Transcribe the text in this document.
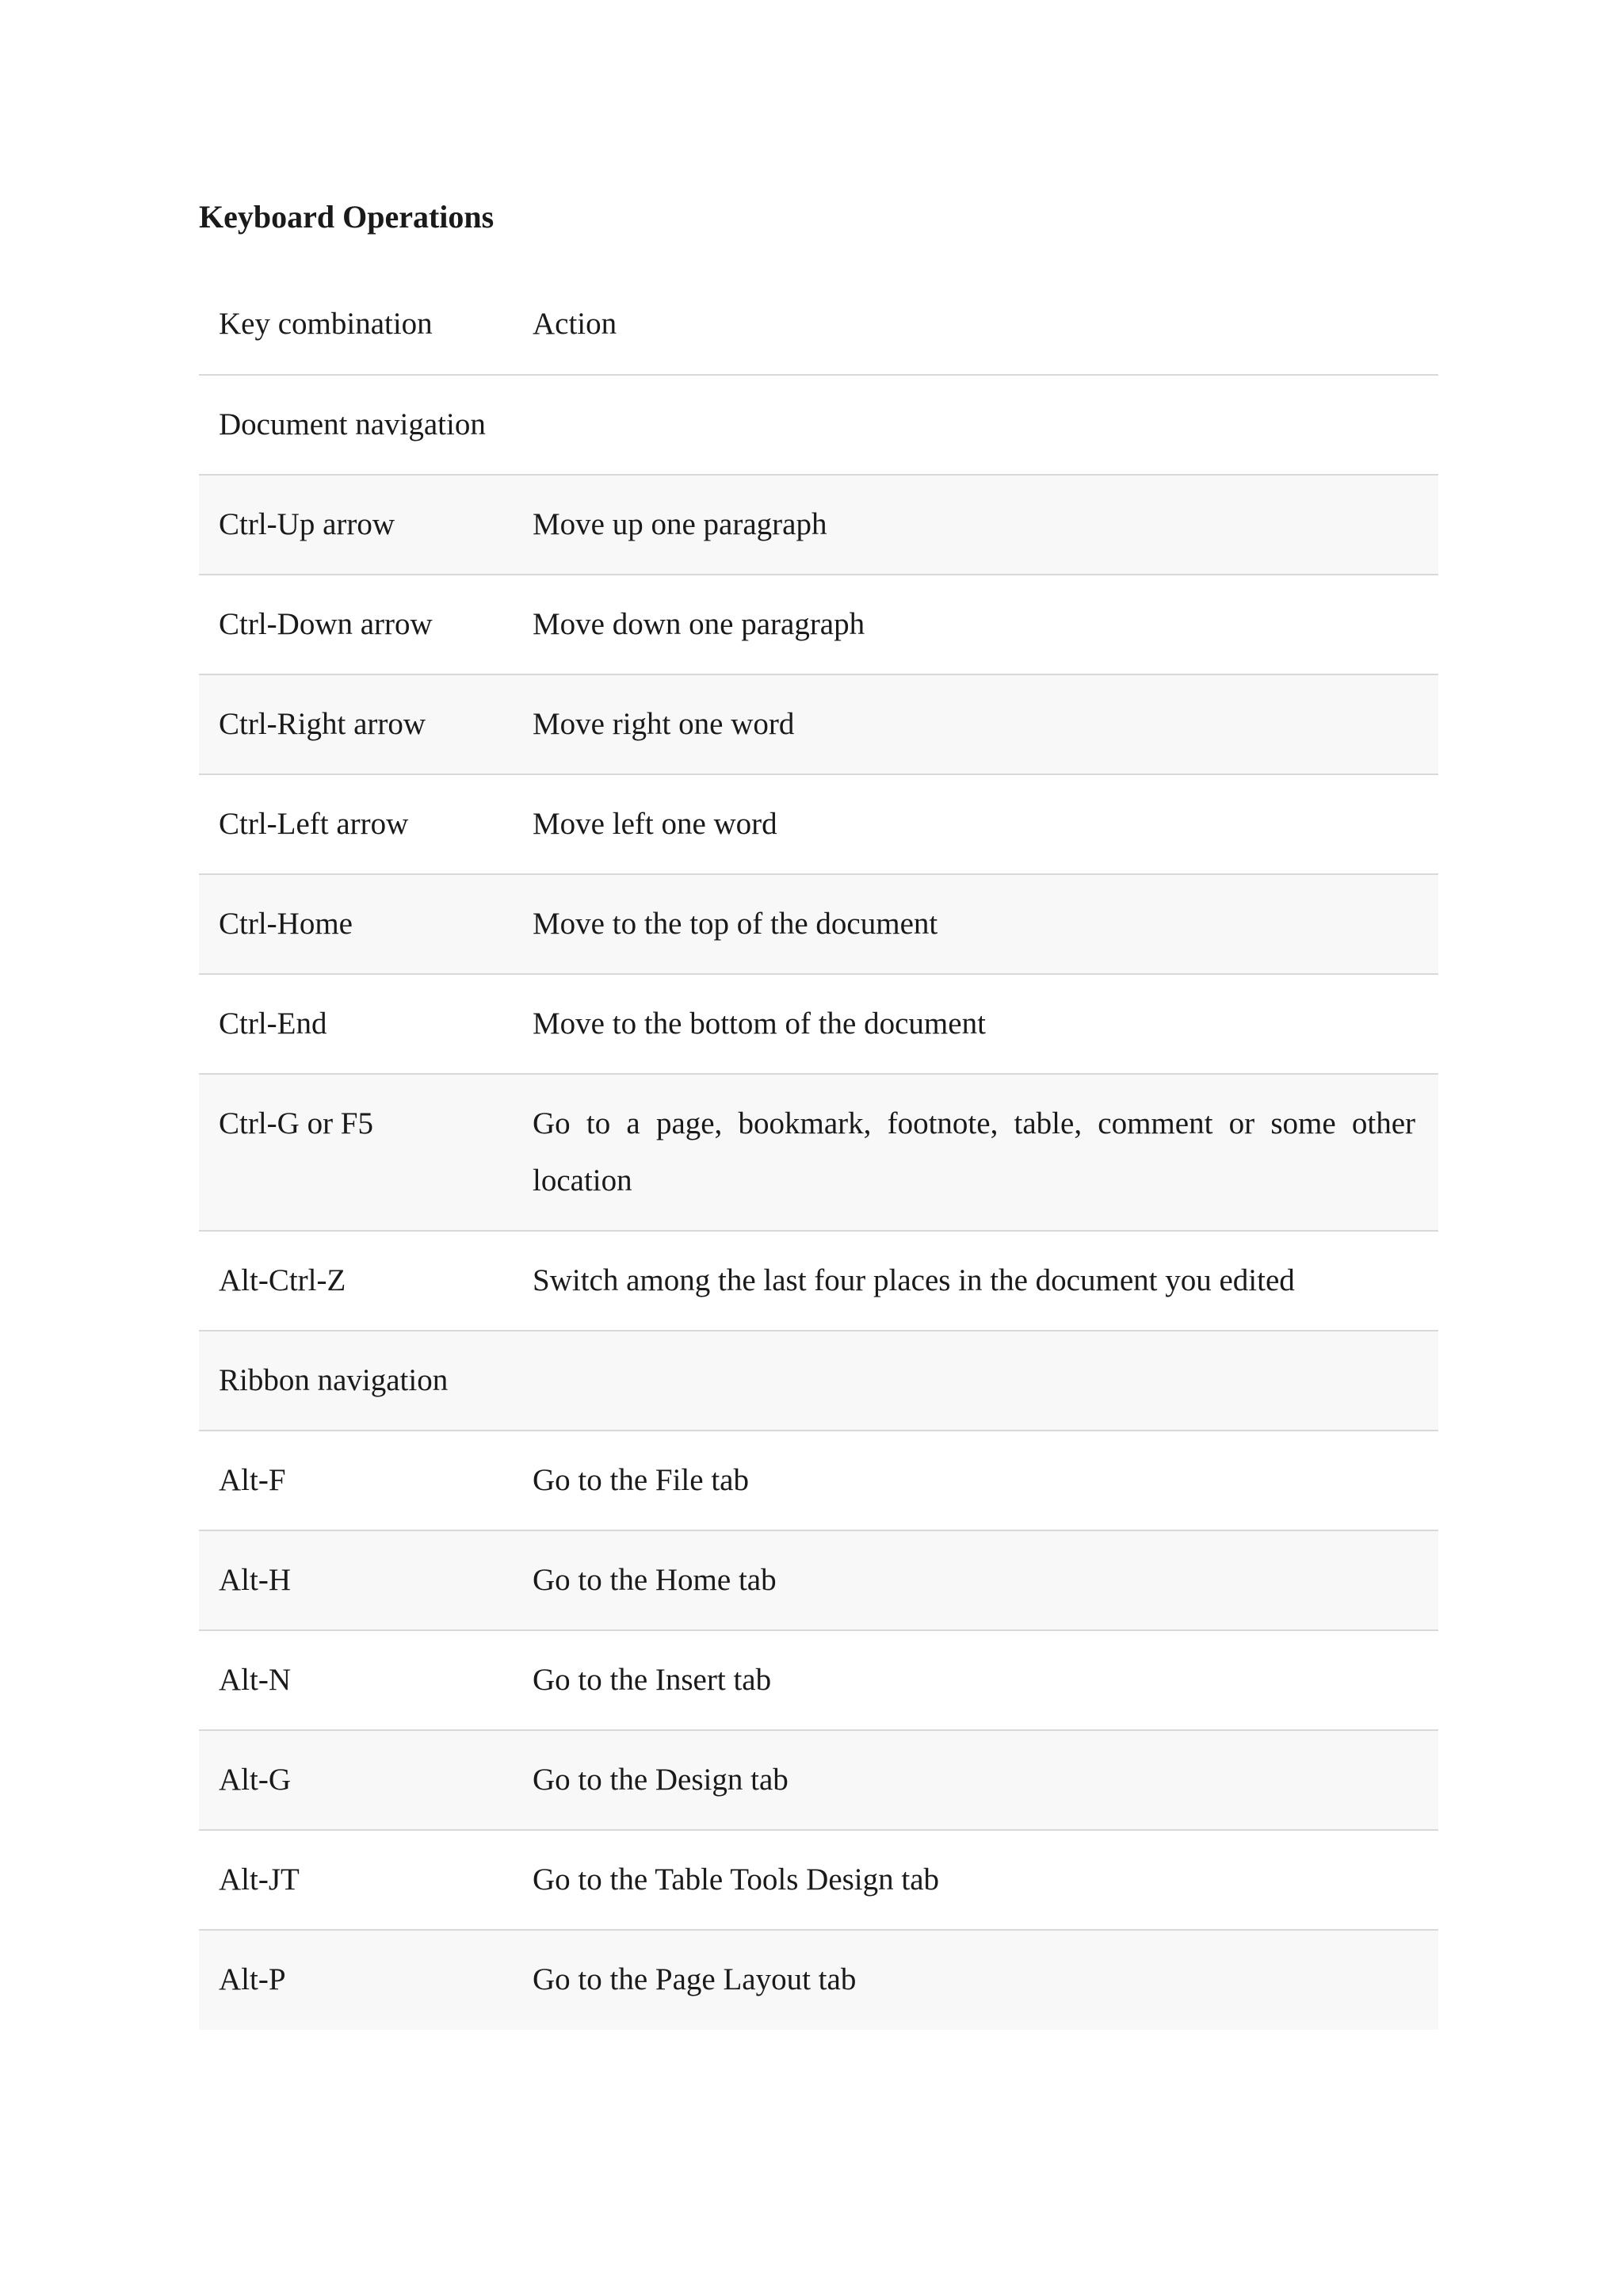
Keyboard Operations
Key combination	Action
Document navigation	
Ctrl-Up arrow	Move up one paragraph
Ctrl-Down arrow	Move down one paragraph
Ctrl-Right arrow	Move right one word
Ctrl-Left arrow	Move left one word
Ctrl-Home	Move to the top of the document
Ctrl-End	Move to the bottom of the document
Ctrl-G or F5	Go to a page, bookmark, footnote, table, comment or some other location
Alt-Ctrl-Z	Switch among the last four places in the document you edited
Ribbon navigation	
Alt-F	Go to the File tab
Alt-H	Go to the Home tab
Alt-N	Go to the Insert tab
Alt-G	Go to the Design tab
Alt-JT	Go to the Table Tools Design tab
Alt-P	Go to the Page Layout tab
